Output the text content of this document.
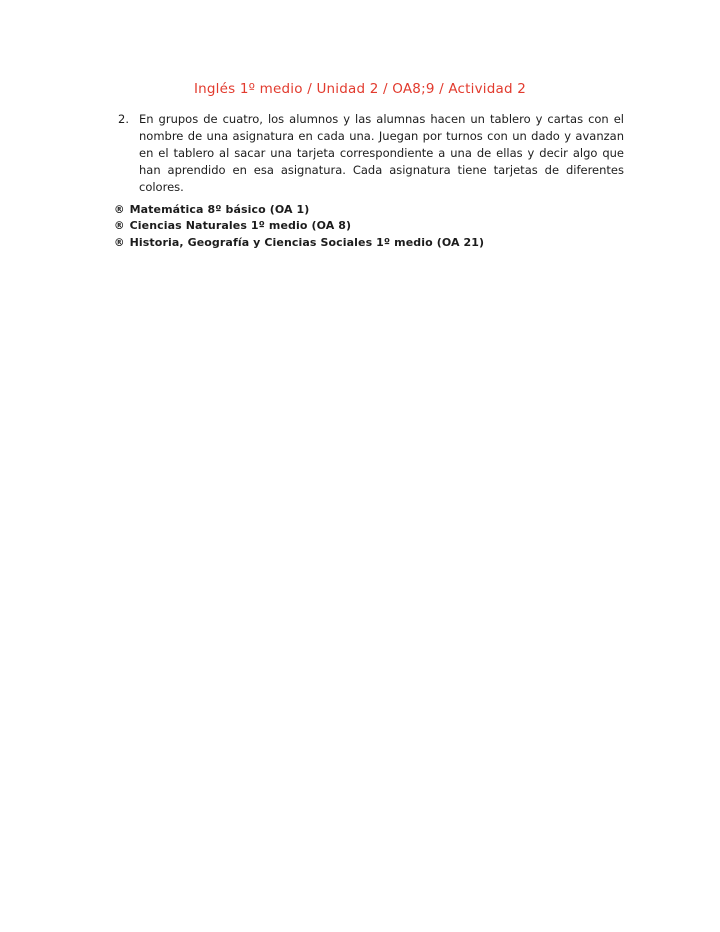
Inglés 1º medio / Unidad 2 / OA8;9 / Actividad 2
2. En grupos de cuatro, los alumnos y las alumnas hacen un tablero y cartas con el nombre de una asignatura en cada una. Juegan por turnos con un dado y avanzan en el tablero al sacar una tarjeta correspondiente a una de ellas y decir algo que han aprendido en esa asignatura. Cada asignatura tiene tarjetas de diferentes colores.
® Matemática 8º básico (OA 1)
® Ciencias Naturales 1º medio (OA 8)
® Historia, Geografía y Ciencias Sociales 1º medio (OA 21)
